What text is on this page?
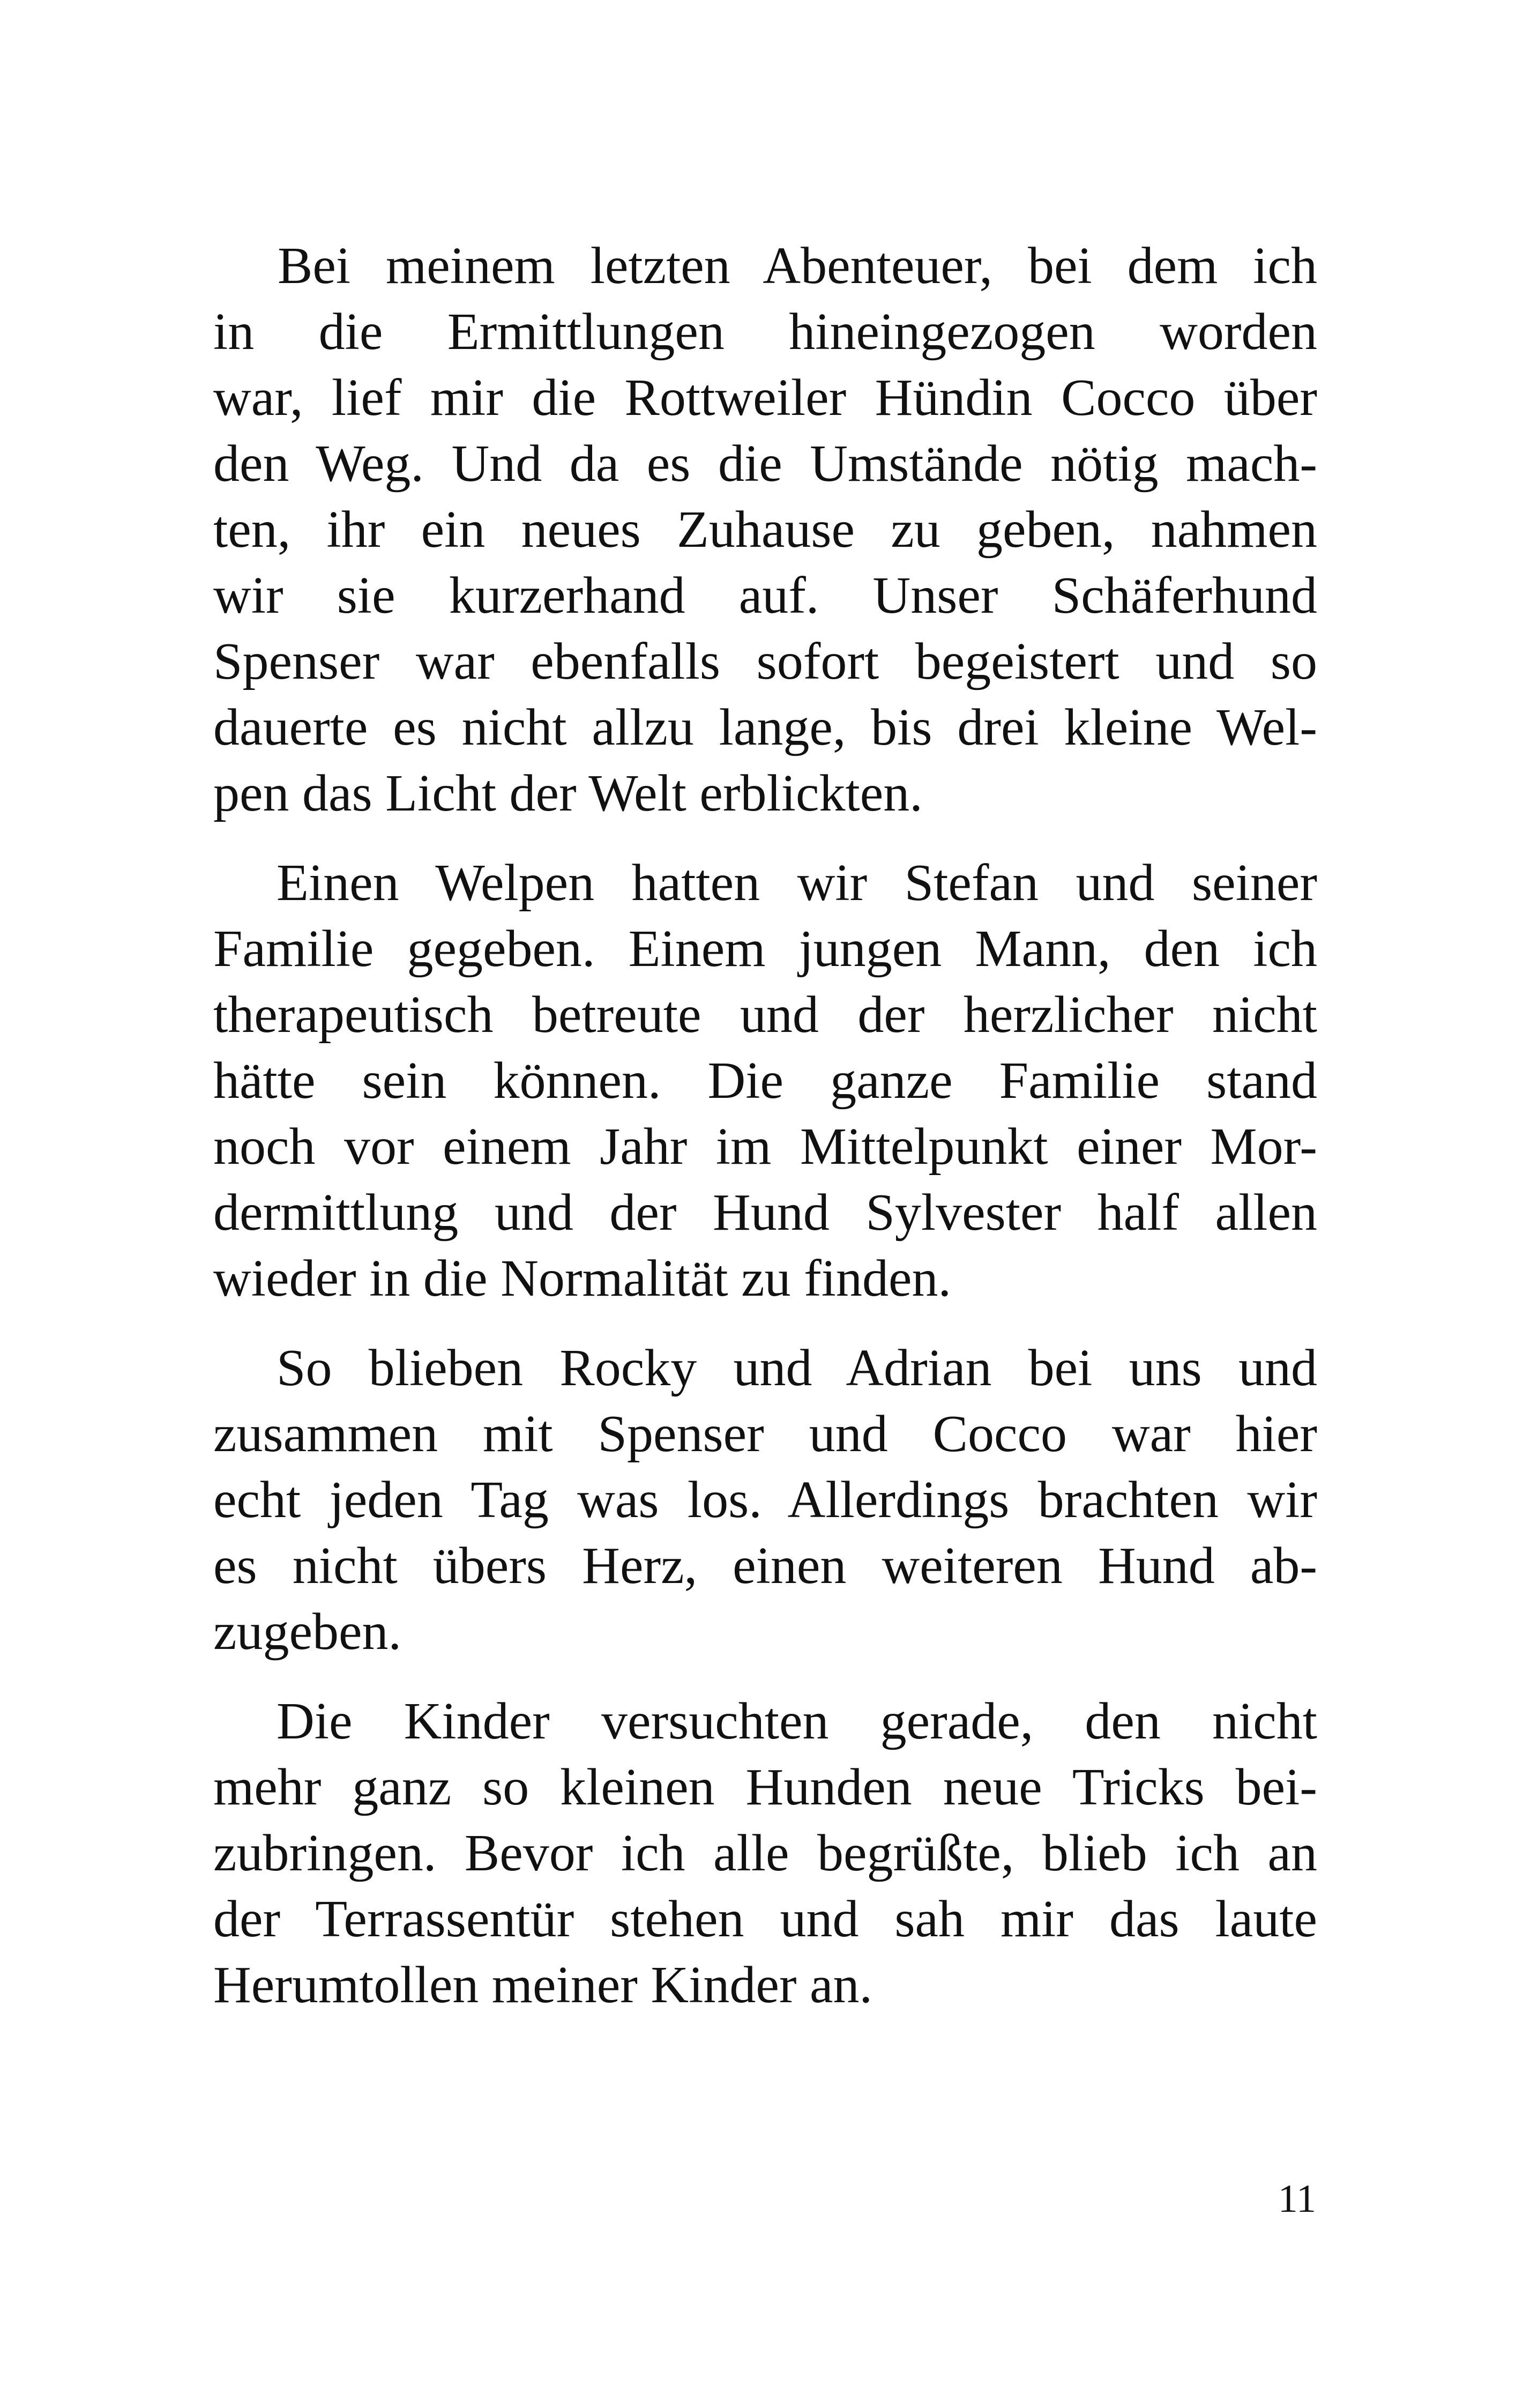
Bei meinem letzten Abenteuer, bei dem ich
in die Ermittlungen hineingezogen worden
war, lief mir die Rottweiler Hündin Cocco über
den Weg. Und da es die Umstände nötig mach-
ten, ihr ein neues Zuhause zu geben, nahmen
wir sie kurzerhand auf. Unser Schäferhund
Spenser war ebenfalls sofort begeistert und so
dauerte es nicht allzu lange, bis drei kleine Wel-
pen das Licht der Welt erblickten.
Einen Welpen hatten wir Stefan und seiner
Familie gegeben. Einem jungen Mann, den ich
therapeutisch betreute und der herzlicher nicht
hätte sein können. Die ganze Familie stand
noch vor einem Jahr im Mittelpunkt einer Mor-
dermittlung und der Hund Sylvester half allen
wieder in die Normalität zu finden.
So blieben Rocky und Adrian bei uns und
zusammen mit Spenser und Cocco war hier
echt jeden Tag was los. Allerdings brachten wir
es nicht übers Herz, einen weiteren Hund ab-
zugeben.
Die Kinder versuchten gerade, den nicht
mehr ganz so kleinen Hunden neue Tricks bei-
zubringen. Bevor ich alle begrüßte, blieb ich an
der Terrassentür stehen und sah mir das laute
Herumtollen meiner Kinder an.
11
